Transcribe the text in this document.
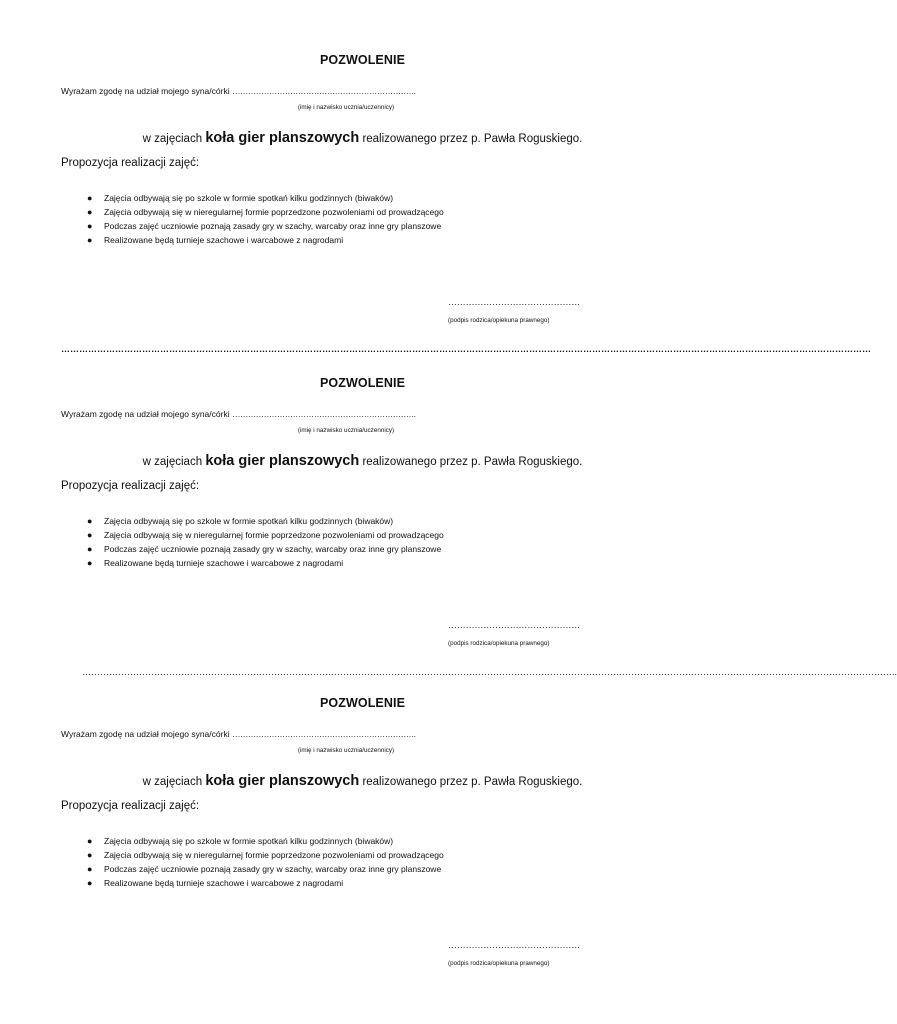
POZWOLENIE
Wyrażam zgodę na udział mojego syna/córki …………………………………………………………….
(imię i nazwisko ucznia/uczennicy)
w zajęciach koła gier planszowych realizowanego przez p. Pawła Roguskiego.
Propozycja realizacji zajęć:
● Zajęcia odbywają się po szkole w formie spotkań kilku godzinnych (biwaków)
● Zajęcia odbywają się w nieregularnej formie poprzedzone pozwoleniami od prowadzącego
● Podczas zajęć uczniowie poznają zasady gry w szachy, warcaby oraz inne gry planszowe
● Realizowane będą turnieje szachowe i warcabowe z nagrodami
………………………………………
(podpis rodzica/opiekuna prawnego)
………………………………………………………………………………………………………………………………………………………………………………………………………………………………………………
POZWOLENIE
Wyrażam zgodę na udział mojego syna/córki …………………………………………………………….
(imię i nazwisko ucznia/uczennicy)
w zajęciach koła gier planszowych realizowanego przez p. Pawła Roguskiego.
Propozycja realizacji zajęć:
● Zajęcia odbywają się po szkole w formie spotkań kilku godzinnych (biwaków)
● Zajęcia odbywają się w nieregularnej formie poprzedzone pozwoleniami od prowadzącego
● Podczas zajęć uczniowie poznają zasady gry w szachy, warcaby oraz inne gry planszowe
● Realizowane będą turnieje szachowe i warcabowe z nagrodami
………………………………………
(podpis rodzica/opiekuna prawnego)
………………………………………………………………………………………………………………………………………………………………………………………………………………………………………………..
POZWOLENIE
Wyrażam zgodę na udział mojego syna/córki …………………………………………………………….
(imię i nazwisko ucznia/uczennicy)
w zajęciach koła gier planszowych realizowanego przez p. Pawła Roguskiego.
Propozycja realizacji zajęć:
● Zajęcia odbywają się po szkole w formie spotkań kilku godzinnych (biwaków)
● Zajęcia odbywają się w nieregularnej formie poprzedzone pozwoleniami od prowadzącego
● Podczas zajęć uczniowie poznają zasady gry w szachy, warcaby oraz inne gry planszowe
● Realizowane będą turnieje szachowe i warcabowe z nagrodami
………………………………………
(podpis rodzica/opiekuna prawnego)
